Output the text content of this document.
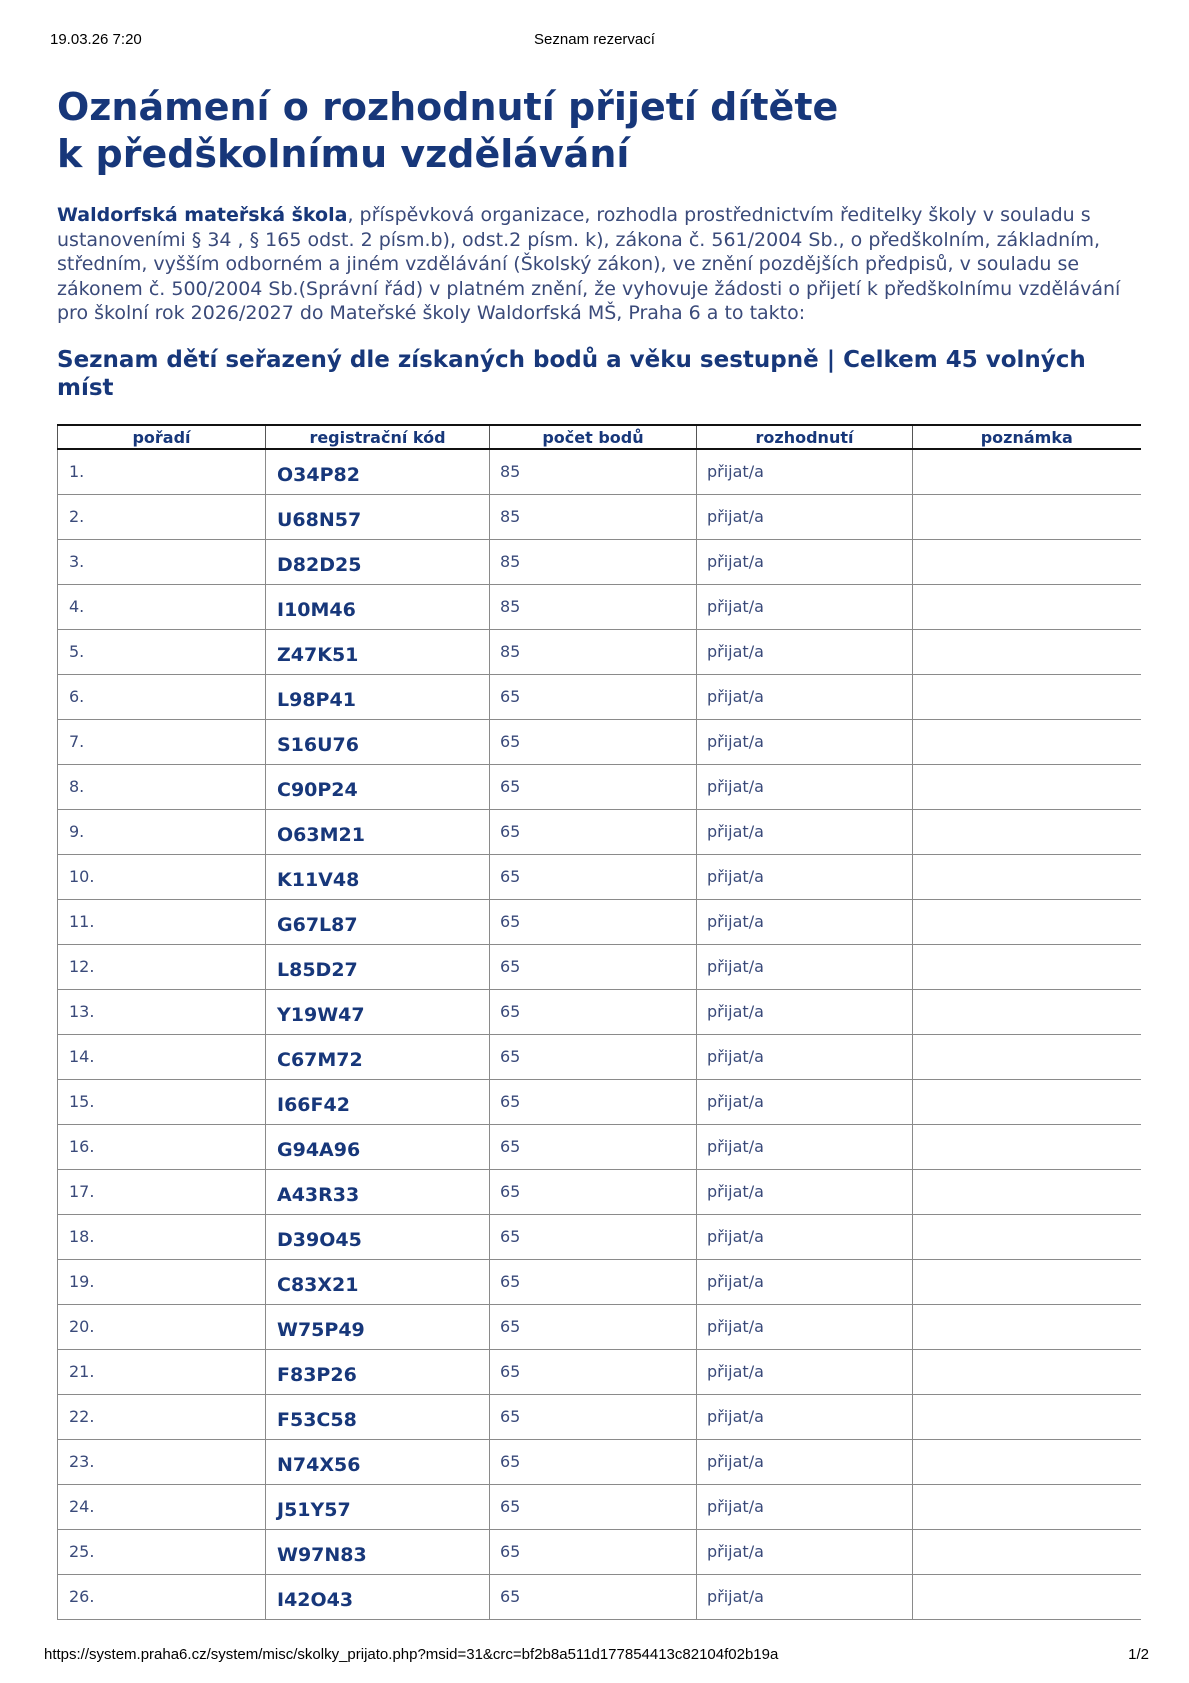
19.03.26 7:20	Seznam rezervací
Oznámení o rozhodnutí přijetí dítěte
k předškolnímu vzdělávání

Waldorfská mateřská škola, příspěvková organizace, rozhodla prostřednictvím ředitelky školy v souladu s ustanoveními § 34 , § 165 odst. 2 písm.b), odst.2 písm. k), zákona č. 561/2004 Sb., o předškolním, základním, středním, vyšším odborném a jiném vzdělávání (Školský zákon), ve znění pozdějších předpisů, v souladu se zákonem č. 500/2004 Sb.(Správní řád) v platném znění, že vyhovuje žádosti o přijetí k předškolnímu vzdělávání pro školní rok 2026/2027 do Mateřské školy Waldorfská MŠ, Praha 6 a to takto:

Seznam dětí seřazený dle získaných bodů a věku sestupně | Celkem 45 volných míst
pořadí	registrační kód	počet bodů	rozhodnutí	poznámka
1.	O34P82	85	přijat/a	
2.	U68N57	85	přijat/a	
3.	D82D25	85	přijat/a	
4.	I10M46	85	přijat/a	
5.	Z47K51	85	přijat/a	
6.	L98P41	65	přijat/a	
7.	S16U76	65	přijat/a	
8.	C90P24	65	přijat/a	
9.	O63M21	65	přijat/a	
10.	K11V48	65	přijat/a	
11.	G67L87	65	přijat/a	
12.	L85D27	65	přijat/a	
13.	Y19W47	65	přijat/a	
14.	C67M72	65	přijat/a	
15.	I66F42	65	přijat/a	
16.	G94A96	65	přijat/a	
17.	A43R33	65	přijat/a	
18.	D39O45	65	přijat/a	
19.	C83X21	65	přijat/a	
20.	W75P49	65	přijat/a	
21.	F83P26	65	přijat/a	
22.	F53C58	65	přijat/a	
23.	N74X56	65	přijat/a	
24.	J51Y57	65	přijat/a	
25.	W97N83	65	přijat/a	
26.	I42O43	65	přijat/a	
https://system.praha6.cz/system/misc/skolky_prijato.php?msid=31&crc=bf2b8a511d177854413c82104f02b19a	1/2
